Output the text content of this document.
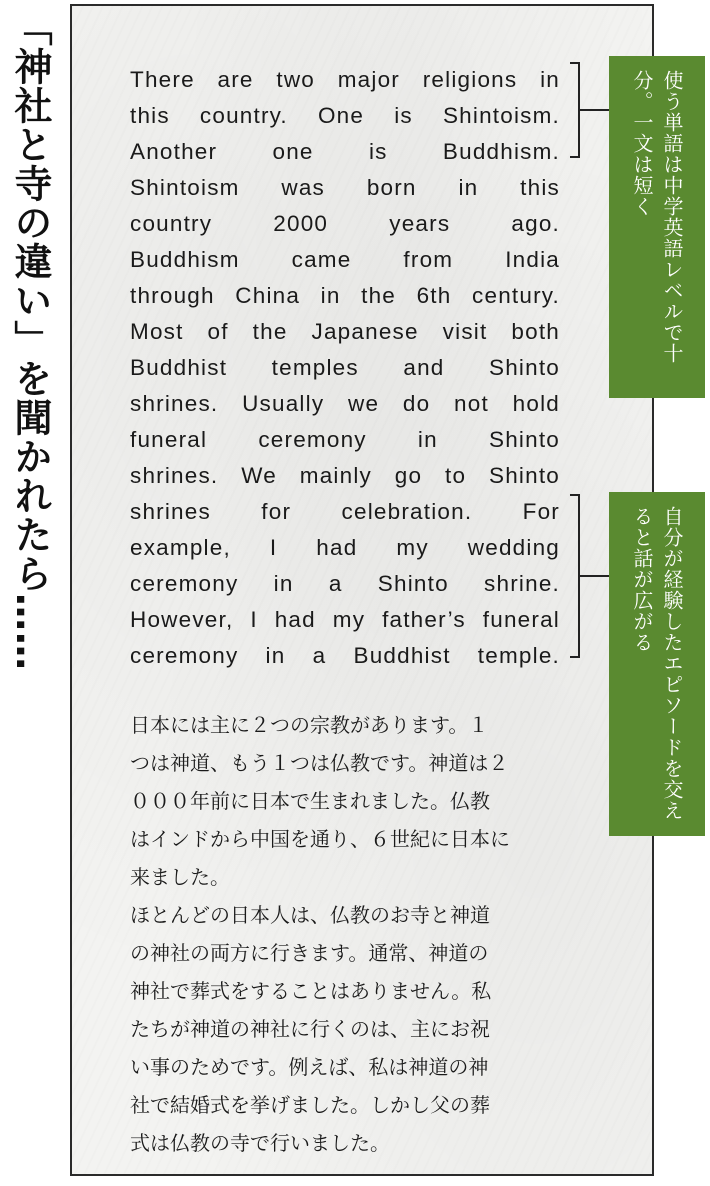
「神社と寺の違い」を聞かれたら……	There are two major religions in
this country. One is Shintoism.
Another one is Buddhism.
Shintoism was born in this
country 2000 years ago.
Buddhism came from India
through China in the 6th century.
Most of the Japanese visit both
Buddhist temples and Shinto
shrines. Usually we do not hold
funeral ceremony in Shinto
shrines. We mainly go to Shinto
shrines for celebration. For
example, I had my wedding
ceremony in a Shinto shrine.
However, I had my father’s funeral
ceremony in a Buddhist temple.
日本には主に２つの宗教があります。１
つは神道、もう１つは仏教です。神道は２
０００年前に日本で生まれました。仏教
はインドから中国を通り、６世紀に日本に
来ました。
ほとんどの日本人は、仏教のお寺と神道
の神社の両方に行きます。通常、神道の
神社で葬式をすることはありません。私
たちが神道の神社に行くのは、主にお祝
い事のためです。例えば、私は神道の神
社で結婚式を挙げました。しかし父の葬
式は仏教の寺で行いました。
使う単語は中学英語レベルで十分。一文は短く
自分が経験したエピソードを交えると話が広がる
